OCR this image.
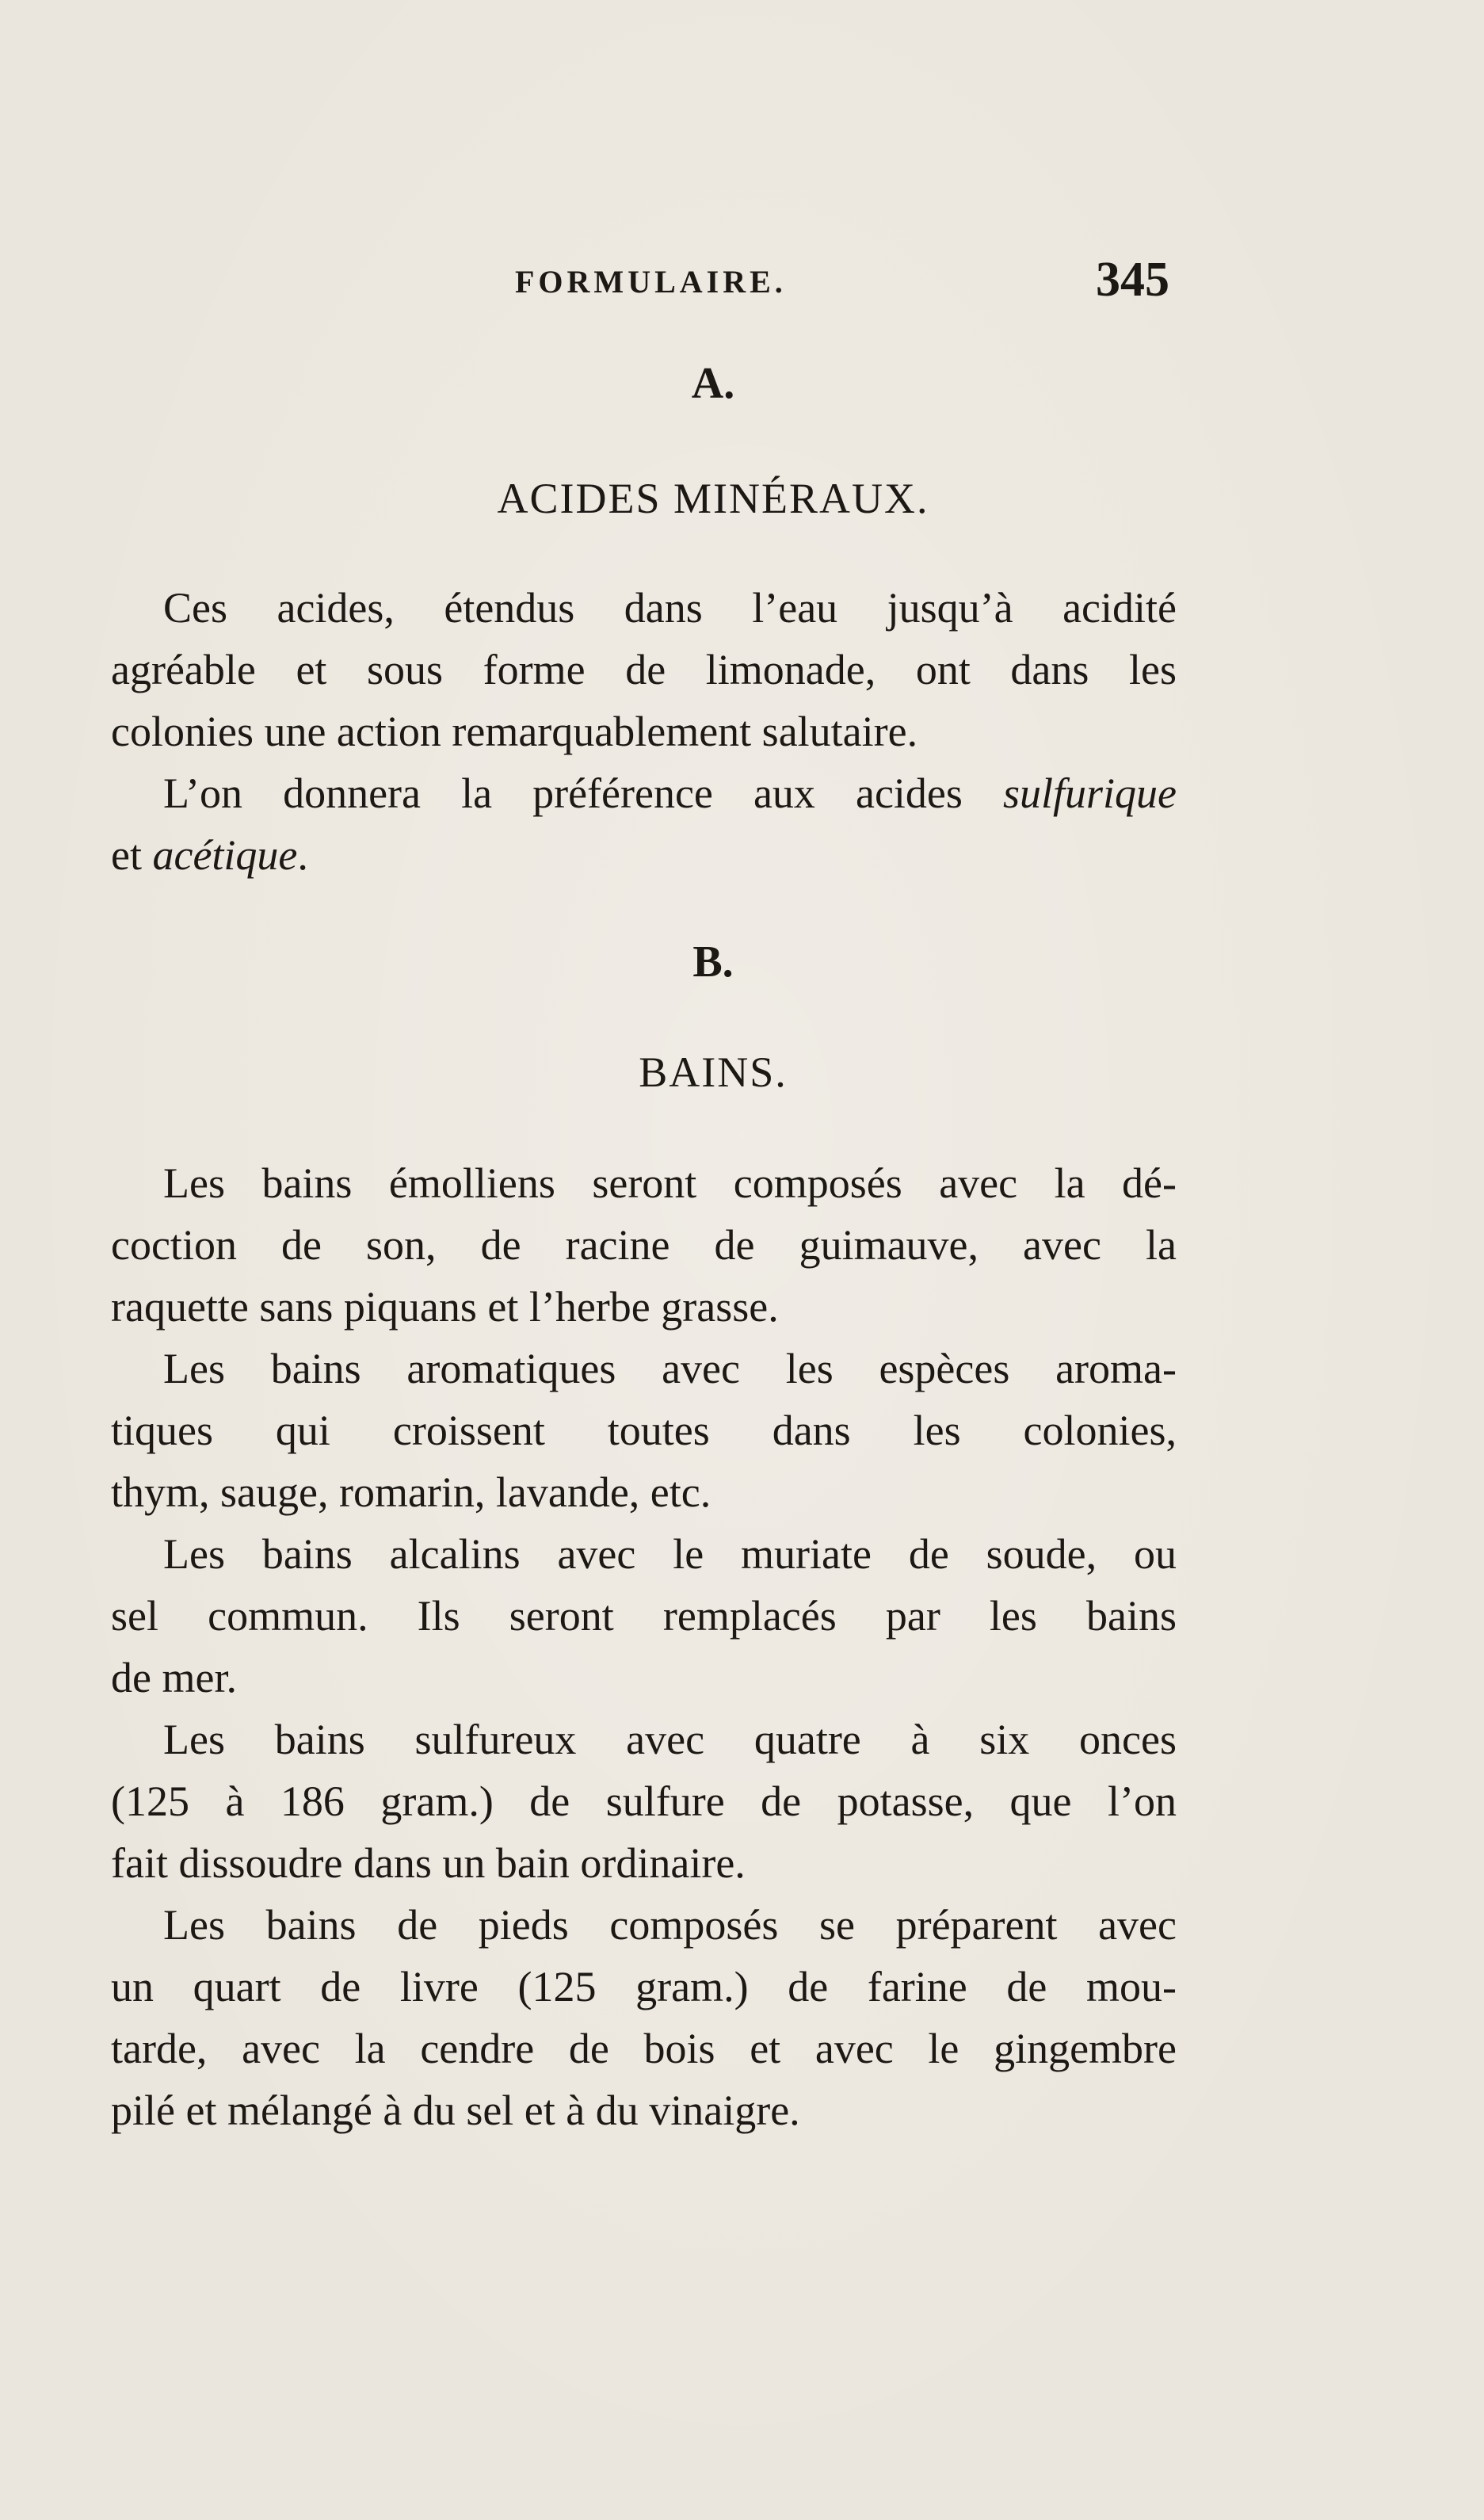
FORMULAIRE.	345
A.
ACIDES MINÉRAUX.

Ces acides, étendus dans l’eau jusqu’à acidité
agréable et sous forme de limonade, ont dans les
colonies une action remarquablement salutaire.

L’on donnera la préférence aux acides sulfurique
et acétique.

B.
BAINS.

Les bains émolliens seront composés avec la dé-
coction de son, de racine de guimauve, avec la
raquette sans piquans et l’herbe grasse.

Les bains aromatiques avec les espèces aroma-
tiques qui croissent toutes dans les colonies,
thym, sauge, romarin, lavande, etc.

Les bains alcalins avec le muriate de soude, ou
sel commun. Ils seront remplacés par les bains
de mer.

Les bains sulfureux avec quatre à six onces
(125 à 186 gram.) de sulfure de potasse, que l’on
fait dissoudre dans un bain ordinaire.

Les bains de pieds composés se préparent avec
un quart de livre (125 gram.) de farine de mou-
tarde, avec la cendre de bois et avec le gingembre
pilé et mélangé à du sel et à du vinaigre.
